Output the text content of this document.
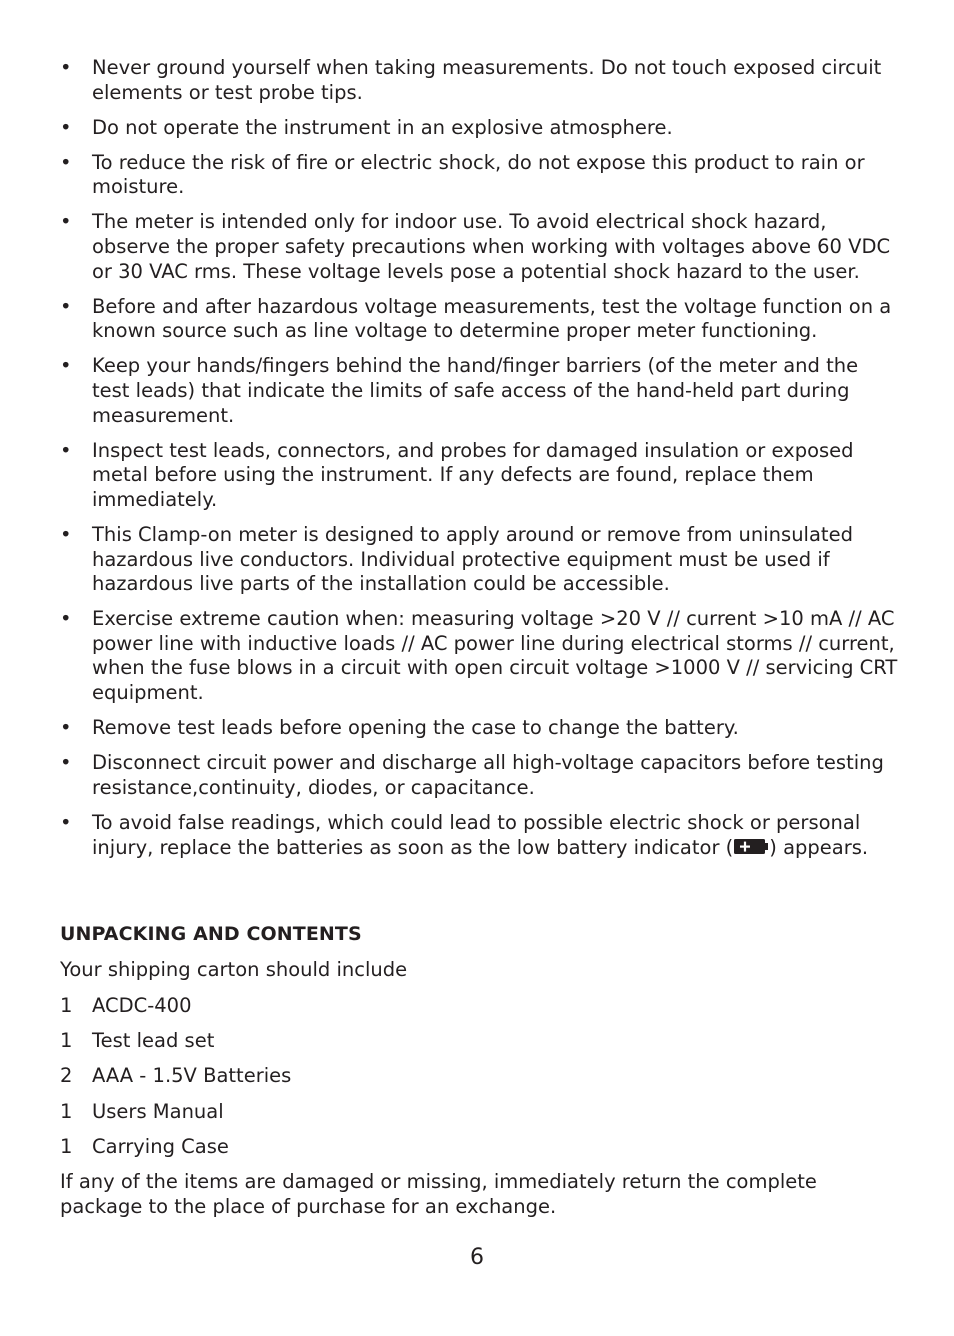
• Never ground yourself when taking measurements. Do not touch exposed circuit elements or test probe tips.
• Do not operate the instrument in an explosive atmosphere.
• To reduce the risk of fire or electric shock, do not expose this product to rain or moisture.
• The meter is intended only for indoor use. To avoid electrical shock hazard, observe the proper safety precautions when working with voltages above 60 VDC or 30 VAC rms. These voltage levels pose a potential shock hazard to the user.
• Before and after hazardous voltage measurements, test the voltage function on a known source such as line voltage to determine proper meter functioning.
• Keep your hands/fingers behind the hand/finger barriers (of the meter and the test leads) that indicate the limits of safe access of the hand-held part during measurement.
• Inspect test leads, connectors, and probes for damaged insulation or exposed metal before using the instrument. If any defects are found, replace them immediately.
• This Clamp-on meter is designed to apply around or remove from uninsulated hazardous live conductors. Individual protective equipment must be used if hazardous live parts of the installation could be accessible.
• Exercise extreme caution when: measuring voltage >20 V // current >10 mA // AC power line with inductive loads // AC power line during electrical storms // current, when the fuse blows in a circuit with open circuit voltage >1000 V // servicing CRT equipment.
• Remove test leads before opening the case to change the battery.
• Disconnect circuit power and discharge all high-voltage capacitors before testing resistance,continuity, diodes, or capacitance.
• To avoid false readings, which could lead to possible electric shock or personal injury, replace the batteries as soon as the low battery indicator ( ) appears.
UNPACKING AND CONTENTS
Your shipping carton should include
1 ACDC-400
1 Test lead set
2 AAA - 1.5V Batteries
1 Users Manual
1 Carrying Case
If any of the items are damaged or missing, immediately return the complete package to the place of purchase for an exchange.
6
